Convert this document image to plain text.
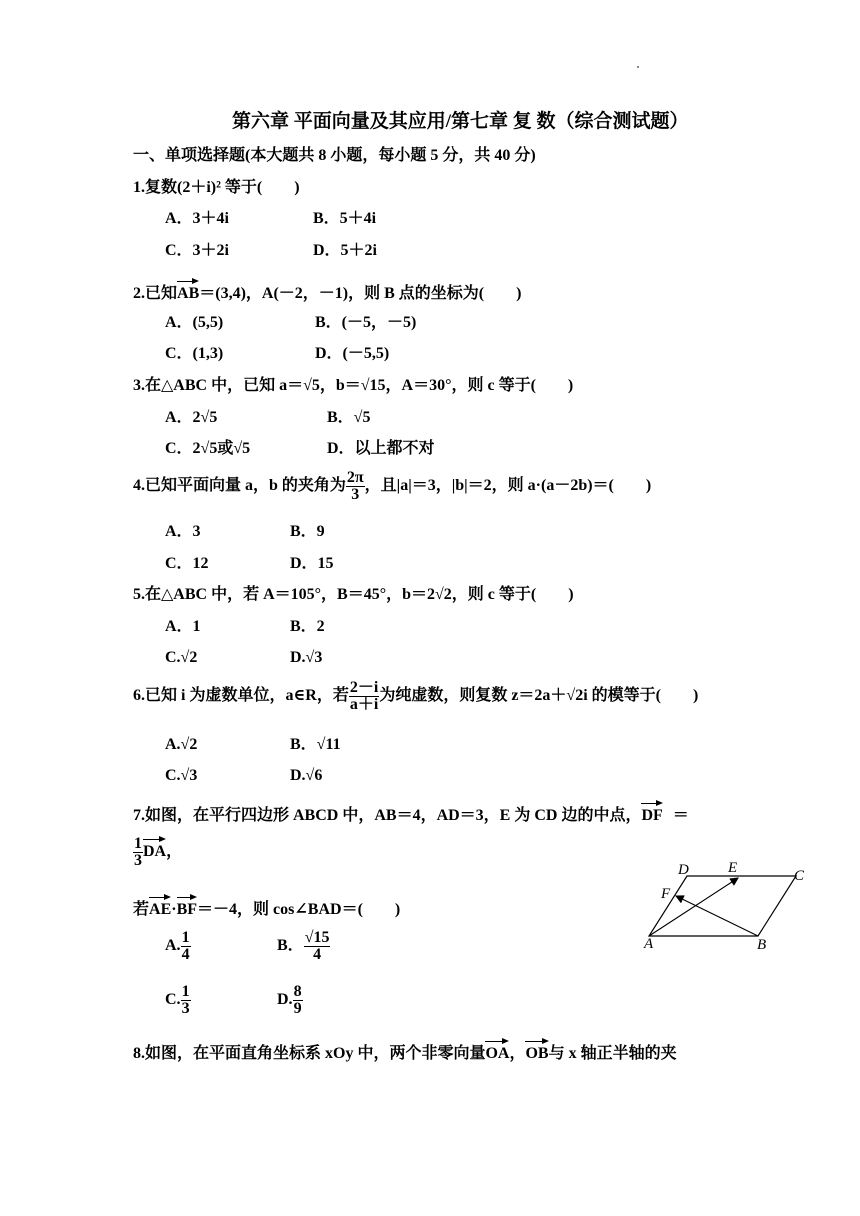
第六章 平面向量及其应用/第七章 复 数（综合测试题）
一、单项选择题(本大题共 8 小题，每小题 5 分，共 40 分)
1.复数(2＋i)² 等于(　　)
A．3＋4i	B．5＋4i
C．3＋2i	D．5＋2i
2.已知AB＝(3,4)，A(－2，－1)，则 B 点的坐标为(　　)
A．(5,5)	B．(－5，－5)
C．(1,3)	D．(－5,5)
3.在△ABC 中，已知 a＝√5，b＝√15，A＝30°，则 c 等于(　　)
A．2√5	B．√5
C．2√5或√5	D．以上都不对
4.已知平面向量 a，b 的夹角为 $\frac{2\pi}{3}$ ，且|a|＝3，|b|＝2，则 a·(a－2b)＝(　　)
A．3	B．9
C．12	D．15
5.在△ABC 中，若 A＝105°，B＝45°，b＝2√2，则 c 等于(　　)
A．1	B．2
C.√2	D.√3
6.已知 i 为虚数单位，a∈R，若 $\frac{2-i}{a+i}$ 为纯虚数，则复数 z＝2a＋√2i 的模等于(　　)
A.√2	B．√11
C.√3	D.√6
7.如图，在平行四边形 ABCD 中，AB＝4，AD＝3，E 为 CD 边的中点，DF ＝
$\frac{1}{3}$ DA，
若AE·BF＝－4，则 cos∠BAD＝(　　)
A. $\frac{1}{4}$	B． $\frac{√15}{4}$
C. $\frac{1}{3}$	D. $\frac{8}{9}$
D	E	C
F
A	B
8.如图，在平面直角坐标系 xOy 中，两个非零向量OA，OB与 x 轴正半轴的夹
